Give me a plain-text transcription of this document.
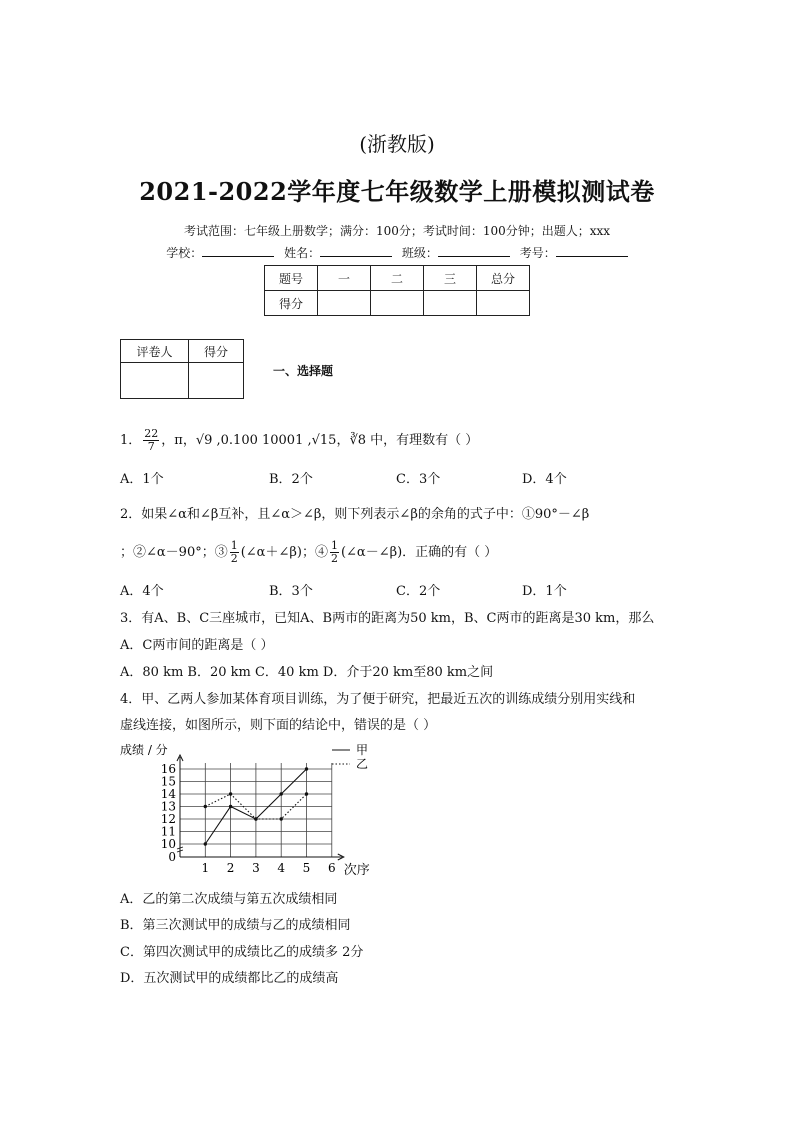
(浙教版)
2021-2022学年度七年级数学上册模拟测试卷
考试范围：七年级上册数学；满分：100分；考试时间：100分钟；出题人；xxx
学校：	姓名：	班级：	考号：
题号	一	二	三	总分
得分				
评卷人	得分

一、选择题
1． $\frac{22}{7}$ ，π，√9 ,0.100 10001 ,√15，∛8 中，有理数有（ ）
A．1个	B．2个	C．3个	D．4个
2．如果∠α和∠β互补，且∠α＞∠β，则下列表示∠β的余角的式子中：①90°－∠β
；②∠α－90°；③ $\frac{1}{2}$ (∠α＋∠β)；④ $\frac{1}{2}$ (∠α－∠β)．正确的有（ ）
A．4个	B．3个	C．2个	D．1个
3．有A、B、C三座城市，已知A、B两市的距离为50 km，B、C两市的距离是30 km，那么
A．C两市间的距离是（ ）
A．80 km B．20 km C．40 km D．介于20 km至80 km之间
4．甲、乙两人参加某体育项目训练，为了便于研究，把最近五次的训练成绩分别用实线和
虚线连接，如图所示，则下面的结论中，错误的是（ ）
0
10
11
12
13
14
15
16
1 2 3 4 5 6
成绩 / 分
次序
甲
乙
A．乙的第二次成绩与第五次成绩相同
B．第三次测试甲的成绩与乙的成绩相同
C．第四次测试甲的成绩比乙的成绩多 2分
D．五次测试甲的成绩都比乙的成绩高
